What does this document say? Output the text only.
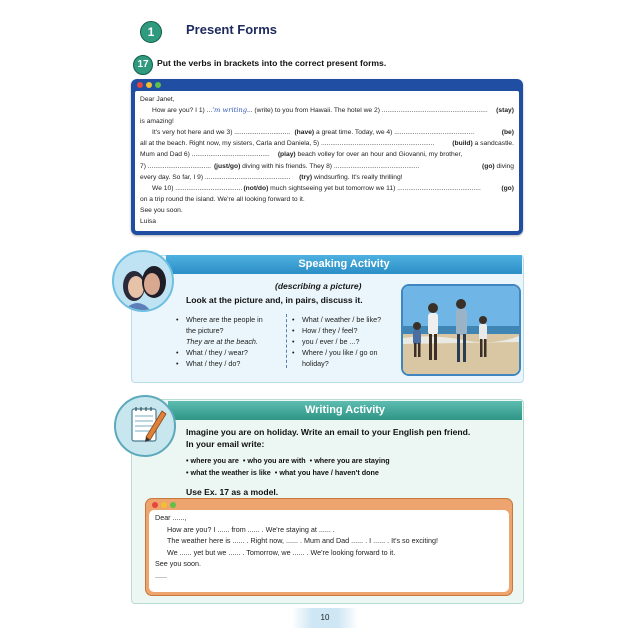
1	Present Forms
17 Put the verbs in brackets into the correct present forms.
Dear Janet,
How are you? I 1) ... 'm writing ... (write) to you from Hawaii. The hotel we 2) .........................................................	(stay)
is amazing!
It's very hot here and we 3) .............................. (have) a great time. Today, we 4) ...........................................	(be)
all at the beach. Right now, my sisters, Carla and Daniela, 5) .............................................................	(build) a sandcastle.
Mum and Dad 6) ..........................................	(play) beach volley for over an hour and Giovanni, my brother,
7) .................................. (just/go) diving with his friends. They 8) ..............................................	(go) diving
every day. So far, I 9) ..............................................	(try) windsurfing. It's really thrilling!
We 10) .................................... (not/do) much sightseeing yet but tomorrow we 11) .............................................	(go)
on a trip round the island. We're all looking forward to it.
See you soon.
Luisa
Speaking Activity
(describing a picture)
Look at the picture and, in pairs, discuss it.
•	Where are the people in
the picture?
They are at the beach.
•	What / they / wear?
•	What / they / do?
•	What / weather / be like?
•	How / they / feel?
•	you / ever / be ...?
•	Where / you like / go on
holiday?
Writing Activity
Imagine you are on holiday. Write an email to your English pen friend.
In your email write:
• where you are  • who you are with  • where you are staying
• what the weather is like  • what you have / haven't done
Use Ex. 17 as a model.
Dear ......,
How are you? I ...... from ...... . We're staying at ...... .
The weather here is ...... . Right now, ...... . Mum and Dad ...... . I ...... . It's so exciting!
We ...... yet but we ...... . Tomorrow, we ...... . We're looking forward to it.
See you soon.
......
10
